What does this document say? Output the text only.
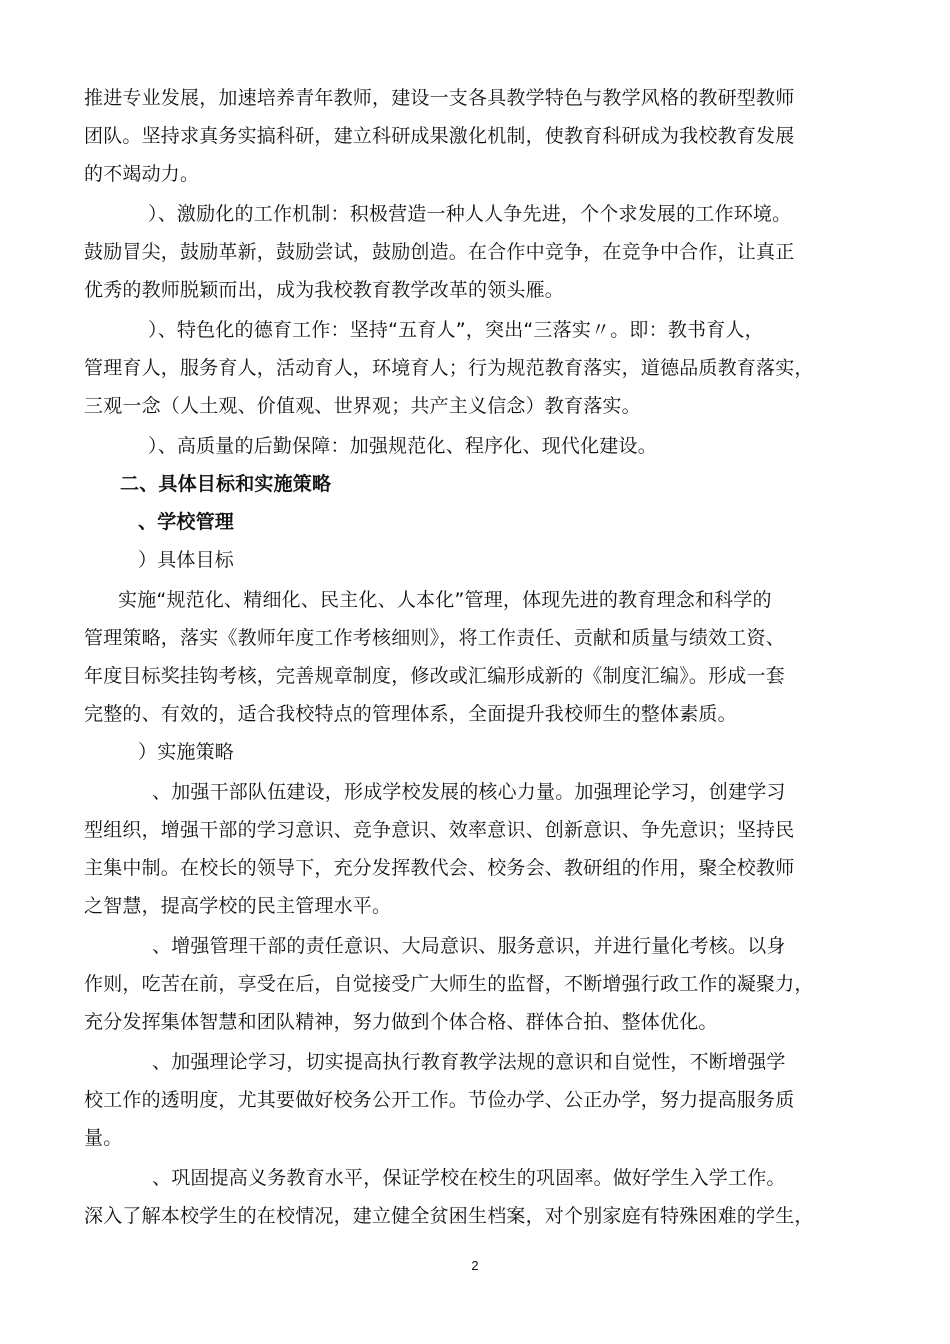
推进专业发展，加速培养青年教师，建设一支各具教学特色与教学风格的教研型教师
团队。坚持求真务实搞科研，建立科研成果激化机制，使教育科研成为我校教育发展
的不竭动力。
）、激励化的工作机制：积极营造一种人人争先进，个个求发展的工作环境。
鼓励冒尖，鼓励革新，鼓励尝试，鼓励创造。在合作中竞争，在竞争中合作，让真正
优秀的教师脱颖而出，成为我校教育教学改革的领头雁。
）、特色化的德育工作：坚持“五育人”，突出“三落实〃。即：教书育人，
管理育人，服务育人，活动育人，环境育人；行为规范教育落实，道德品质教育落实，
三观一念（人土观、价值观、世界观；共产主义信念）教育落实。
）、高质量的后勤保障：加强规范化、程序化、现代化建设。
二、具体目标和实施策略
、学校管理
）具体目标
实施“规范化、精细化、民主化、人本化”管理，体现先进的教育理念和科学的
管理策略，落实《教师年度工作考核细则》，将工作责任、贡献和质量与绩效工资、
年度目标奖挂钩考核，完善规章制度，修改或汇编形成新的《制度汇编》。形成一套
完整的、有效的，适合我校特点的管理体系，全面提升我校师生的整体素质。
）实施策略
、加强干部队伍建设，形成学校发展的核心力量。加强理论学习，创建学习
型组织，增强干部的学习意识、竞争意识、效率意识、创新意识、争先意识；坚持民
主集中制。在校长的领导下，充分发挥教代会、校务会、教研组的作用，聚全校教师
之智慧，提高学校的民主管理水平。
、增强管理干部的责任意识、大局意识、服务意识，并进行量化考核。以身
作则，吃苦在前，享受在后，自觉接受广大师生的监督，不断增强行政工作的凝聚力，
充分发挥集体智慧和团队精神，努力做到个体合格、群体合拍、整体优化。
、加强理论学习，切实提高执行教育教学法规的意识和自觉性，不断增强学
校工作的透明度，尤其要做好校务公开工作。节俭办学、公正办学，努力提高服务质
量。
、巩固提高义务教育水平，保证学校在校生的巩固率。做好学生入学工作。
深入了解本校学生的在校情况，建立健全贫困生档案，对个别家庭有特殊困难的学生，
2
